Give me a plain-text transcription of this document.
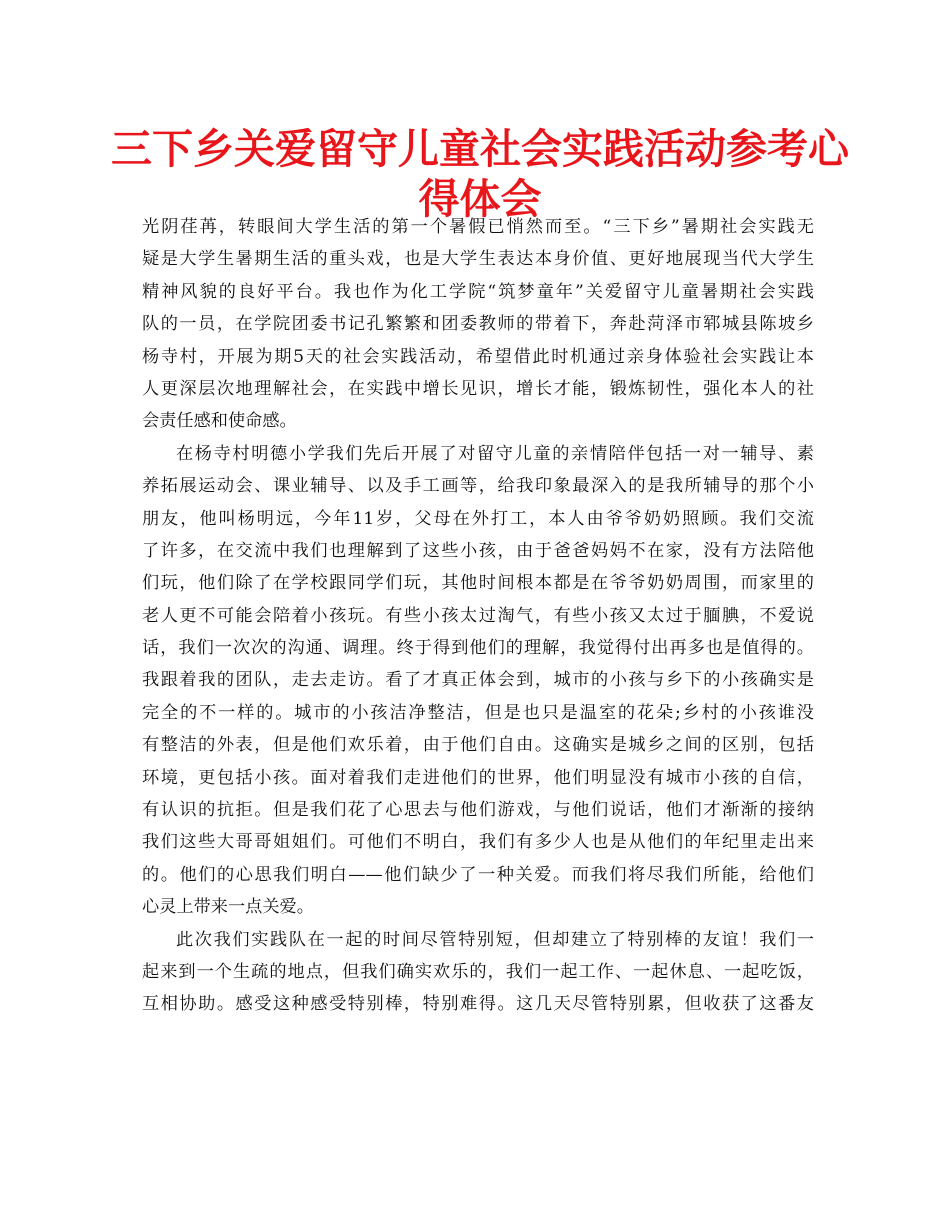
三下乡关爱留守儿童社会实践活动参考心
得体会
光阴荏苒，转眼间大学生活的第一个暑假已悄然而至。“三下乡”暑期社会实践无
疑是大学生暑期生活的重头戏，也是大学生表达本身价值、更好地展现当代大学生
精神风貌的良好平台。我也作为化工学院“筑梦童年”关爱留守儿童暑期社会实践
队的一员，在学院团委书记孔繁繁和团委教师的带着下，奔赴菏泽市郓城县陈坡乡
杨寺村，开展为期5天的社会实践活动，希望借此时机通过亲身体验社会实践让本
人更深层次地理解社会，在实践中增长见识，增长才能，锻炼韧性，强化本人的社
会责任感和使命感。
在杨寺村明德小学我们先后开展了对留守儿童的亲情陪伴包括一对一辅导、素
养拓展运动会、课业辅导、以及手工画等，给我印象最深入的是我所辅导的那个小
朋友，他叫杨明远，今年11岁，父母在外打工，本人由爷爷奶奶照顾。我们交流
了许多，在交流中我们也理解到了这些小孩，由于爸爸妈妈不在家，没有方法陪他
们玩，他们除了在学校跟同学们玩，其他时间根本都是在爷爷奶奶周围，而家里的
老人更不可能会陪着小孩玩。有些小孩太过淘气，有些小孩又太过于腼腆，不爱说
话，我们一次次的沟通、调理。终于得到他们的理解，我觉得付出再多也是值得的。
我跟着我的团队，走去走访。看了才真正体会到，城市的小孩与乡下的小孩确实是
完全的不一样的。城市的小孩洁净整洁，但是也只是温室的花朵;乡村的小孩谁没
有整洁的外表，但是他们欢乐着，由于他们自由。这确实是城乡之间的区别，包括
环境，更包括小孩。面对着我们走进他们的世界，他们明显没有城市小孩的自信，
有认识的抗拒。但是我们花了心思去与他们游戏，与他们说话，他们才渐渐的接纳
我们这些大哥哥姐姐们。可他们不明白，我们有多少人也是从他们的年纪里走出来
的。他们的心思我们明白——他们缺少了一种关爱。而我们将尽我们所能，给他们
心灵上带来一点关爱。
此次我们实践队在一起的时间尽管特别短，但却建立了特别棒的友谊！我们一
起来到一个生疏的地点，但我们确实欢乐的，我们一起工作、一起休息、一起吃饭，
互相协助。感受这种感受特别棒，特别难得。这几天尽管特别累，但收获了这番友
